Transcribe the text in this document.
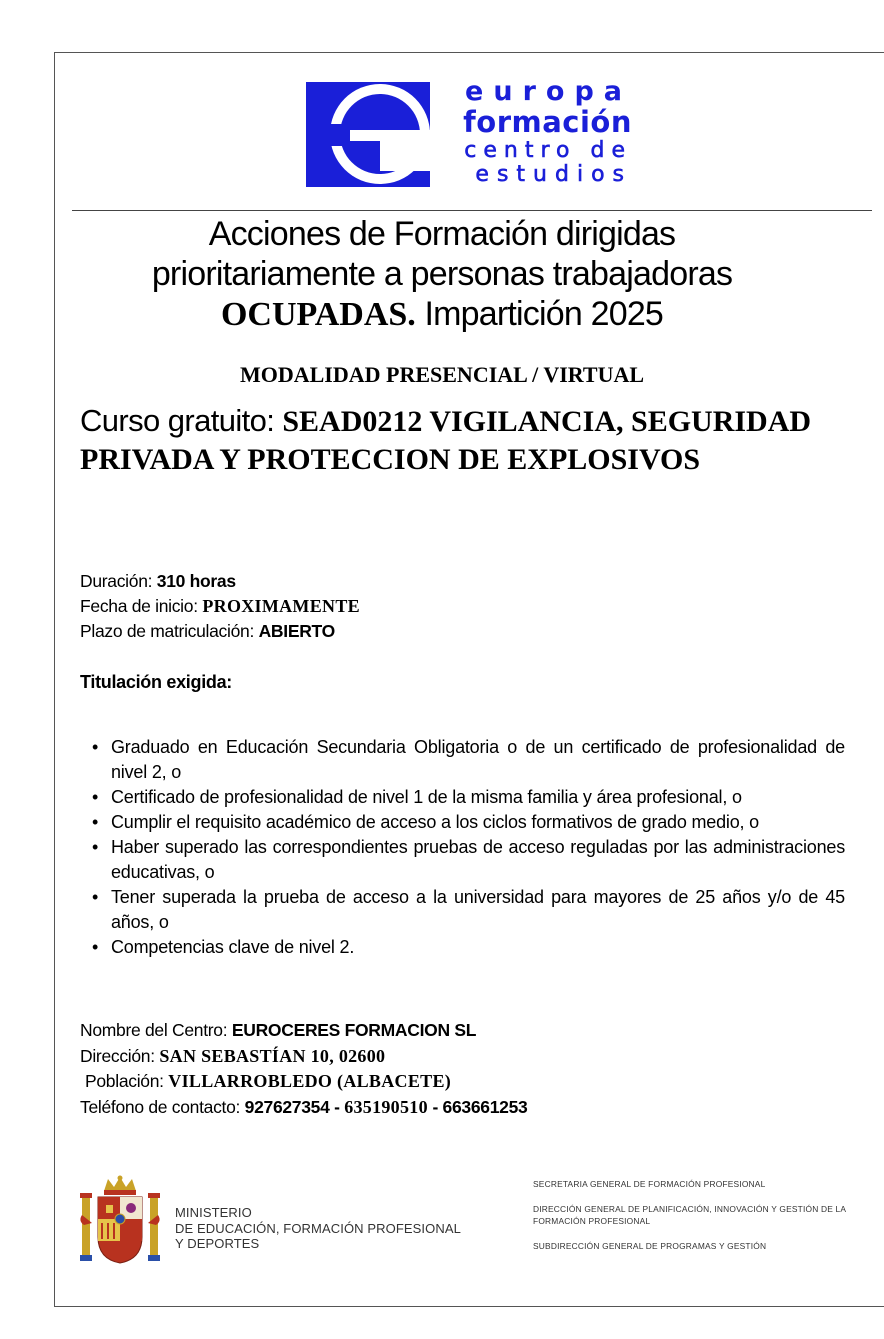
europa
formación
centro de
estudios
Acciones de Formación dirigidas
prioritariamente a personas trabajadoras
OCUPADAS. Impartición 2025
MODALIDAD PRESENCIAL / VIRTUAL
Curso gratuito: SEAD0212 VIGILANCIA, SEGURIDAD PRIVADA Y PROTECCION DE EXPLOSIVOS
Duración: 310 horas
Fecha de inicio: PROXIMAMENTE
Plazo de matriculación: ABIERTO
Titulación exigida:
• Graduado en Educación Secundaria Obligatoria o de un certificado de profesionalidad de nivel 2, o
• Certificado de profesionalidad de nivel 1 de la misma familia y área profesional, o
• Cumplir el requisito académico de acceso a los ciclos formativos de grado medio, o
• Haber superado las correspondientes pruebas de acceso reguladas por las administraciones educativas, o
• Tener superada la prueba de acceso a la universidad para mayores de 25 años y/o de 45 años, o
• Competencias clave de nivel 2.
Nombre del Centro: EUROCERES FORMACION SL
Dirección: SAN SEBASTÍAN 10, 02600
Población: VILLARROBLEDO (ALBACETE)
Teléfono de contacto: 927627354 - 635190510 - 663661253
MINISTERIO
DE EDUCACIÓN, FORMACIÓN PROFESIONAL
Y DEPORTES
SECRETARIA GENERAL DE FORMACIÓN PROFESIONAL
DIRECCIÓN GENERAL DE PLANIFICACIÓN, INNOVACIÓN Y GESTIÓN DE LA FORMACIÓN PROFESIONAL
SUBDIRECCIÓN GENERAL DE PROGRAMAS Y GESTIÓN
